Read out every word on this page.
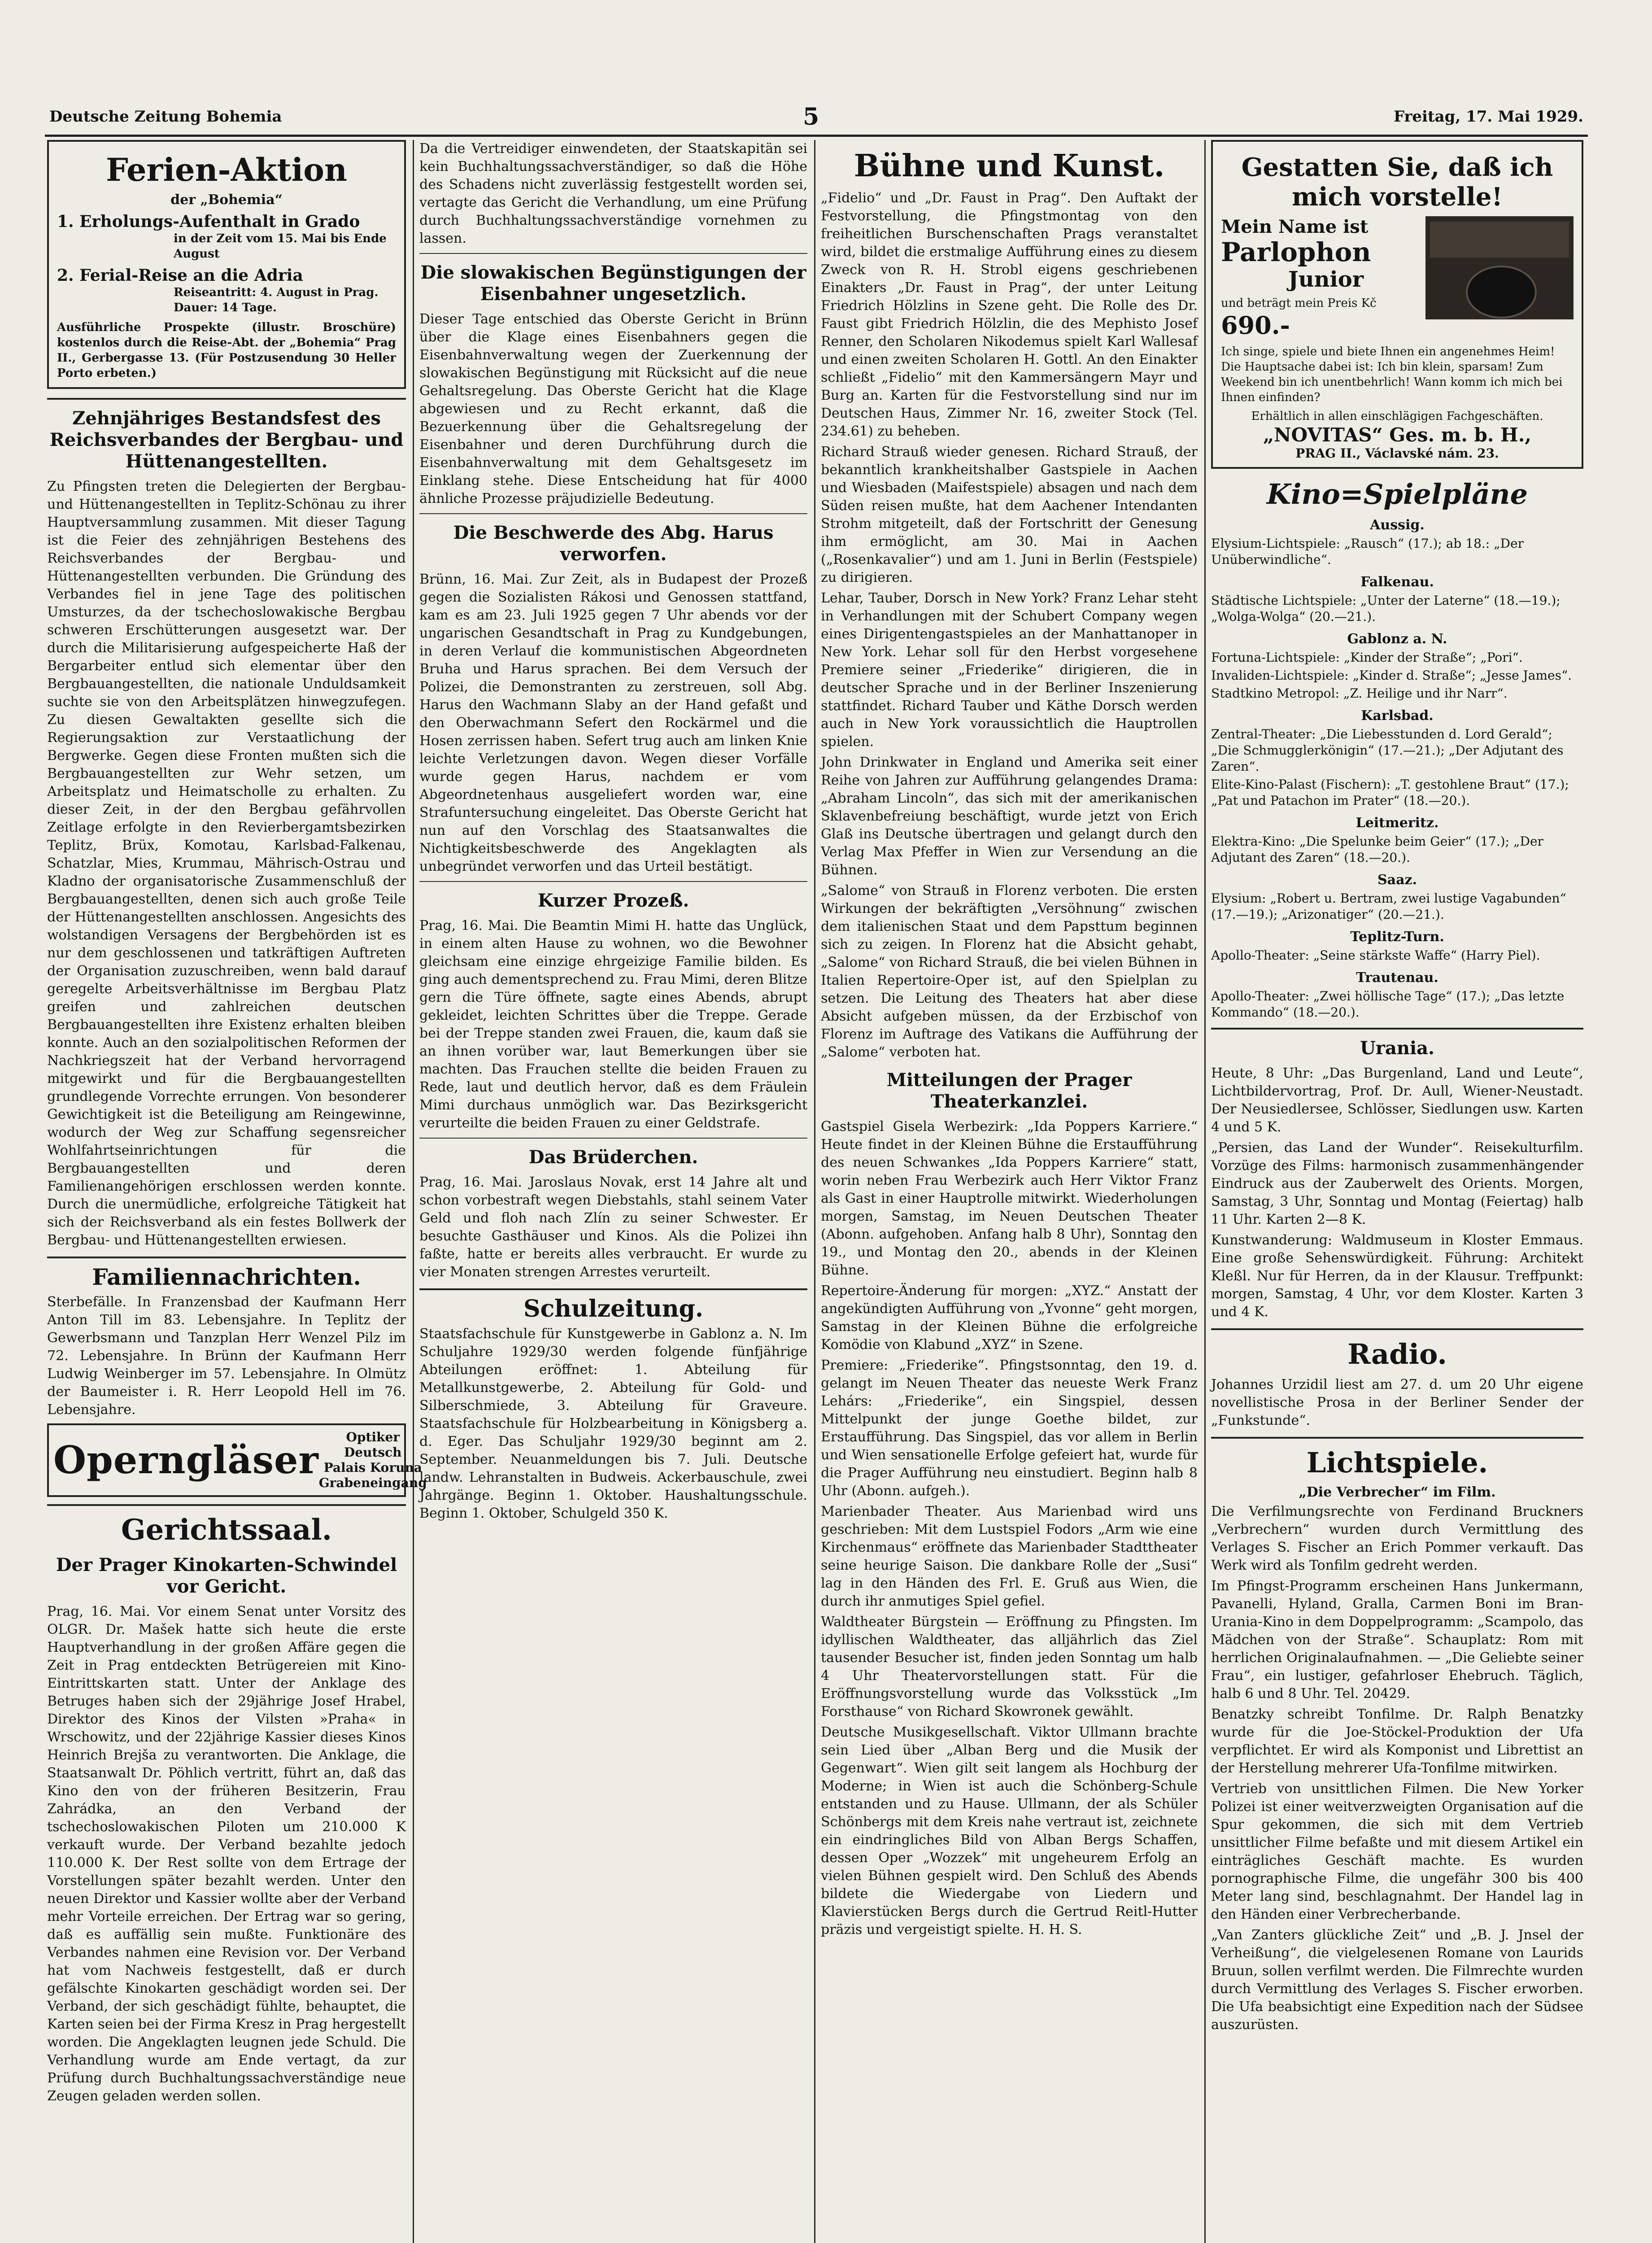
Deutsche Zeitung Bohemia	5	Freitag, 17. Mai 1929.
Ferien-Aktion
der „Bohemia“
1. Erholungs-Aufenthalt in Grado
in der Zeit vom 15. Mai bis Ende August
2. Ferial-Reise an die Adria
Reiseantritt: 4. August in Prag. Dauer: 14 Tage.
Ausführliche Prospekte (illustr. Broschüre) kostenlos durch die Reise-Abt. der „Bohemia“ Prag II., Gerbergasse 13. (Für Postzusendung 30 Heller Porto erbeten.)
Zehnjähriges Bestandsfest des Reichsverbandes der Bergbau- und Hüttenangestellten.

Zu Pfingsten treten die Delegierten der Bergbau- und Hüttenangestellten in Teplitz-Schönau zu ihrer Hauptversammlung zusammen. Mit dieser Tagung ist die Feier des zehnjährigen Bestehens des Reichsverbandes der Bergbau- und Hüttenangestellten verbunden. Die Gründung des Verbandes fiel in jene Tage des politischen Umsturzes, da der tschechoslowakische Bergbau schweren Erschütterungen ausgesetzt war. Der durch die Militarisierung aufgespeicherte Haß der Bergarbeiter entlud sich elementar über den Bergbauangestellten, die nationale Unduldsamkeit suchte sie von den Arbeitsplätzen hinwegzufegen. Zu diesen Gewaltakten gesellte sich die Regierungsaktion zur Verstaatlichung der Bergwerke. Gegen diese Fronten mußten sich die Bergbauangestellten zur Wehr setzen, um Arbeitsplatz und Heimatscholle zu erhalten. Zu dieser Zeit, in der den Bergbau gefährvollen Zeitlage erfolgte in den Revierbergamtsbezirken Teplitz, Brüx, Komotau, Karlsbad-Falkenau, Schatzlar, Mies, Krummau, Mährisch-Ostrau und Kladno der organisatorische Zusammenschluß der Bergbauangestellten, denen sich auch große Teile der Hüttenangestellten anschlossen. Angesichts des wolstandigen Versagens der Bergbehörden ist es nur dem geschlossenen und tatkräftigen Auftreten der Organisation zuzuschreiben, wenn bald darauf geregelte Arbeitsverhältnisse im Bergbau Platz greifen und zahlreichen deutschen Bergbauangestellten ihre Existenz erhalten bleiben konnte. Auch an den sozialpolitischen Reformen der Nachkriegszeit hat der Verband hervorragend mitgewirkt und für die Bergbauangestellten grundlegende Vorrechte errungen. Von besonderer Gewichtigkeit ist die Beteiligung am Reingewinne, wodurch der Weg zur Schaffung segensreicher Wohlfahrtseinrichtungen für die Bergbauangestellten und deren Familienangehörigen erschlossen werden konnte. Durch die unermüdliche, erfolgreiche Tätigkeit hat sich der Reichsverband als ein festes Bollwerk der Bergbau- und Hüttenangestellten erwiesen.

Familiennachrichten.

Sterbefälle. In Franzensbad der Kaufmann Herr Anton Till im 83. Lebensjahre. In Teplitz der Gewerbsmann und Tanzplan Herr Wenzel Pilz im 72. Lebensjahre. In Brünn der Kaufmann Herr Ludwig Weinberger im 57. Lebensjahre. In Olmütz der Baumeister i. R. Herr Leopold Hell im 76. Lebensjahre.

Operngläser
Optiker Deutsch
Palais Koruna
Grabeneingang
Gerichtssaal.
Der Prager Kinokarten-Schwindel vor Gericht.

Prag, 16. Mai. Vor einem Senat unter Vorsitz des OLGR. Dr. Mašek hatte sich heute die erste Hauptverhandlung in der großen Affäre gegen die Zeit in Prag entdeckten Betrügereien mit Kino-Eintrittskarten statt. Unter der Anklage des Betruges haben sich der 29jährige Josef Hrabel, Direktor des Kinos der Vilsten »Praha« in Wrschowitz, und der 22jährige Kassier dieses Kinos Heinrich Brejša zu verantworten. Die Anklage, die Staatsanwalt Dr. Pöhlich vertritt, führt an, daß das Kino den von der früheren Besitzerin, Frau Zahrádka, an den Verband der tschechoslowakischen Piloten um 210.000 K verkauft wurde. Der Verband bezahlte jedoch 110.000 K. Der Rest sollte von dem Ertrage der Vorstellungen später bezahlt werden. Unter den neuen Direktor und Kassier wollte aber der Verband mehr Vorteile erreichen. Der Ertrag war so gering, daß es auffällig sein mußte. Funktionäre des Verbandes nahmen eine Revision vor. Der Verband hat vom Nachweis festgestellt, daß er durch gefälschte Kinokarten geschädigt worden sei. Der Verband, der sich geschädigt fühlte, behauptet, die Karten seien bei der Firma Kresz in Prag hergestellt worden. Die Angeklagten leugnen jede Schuld. Die Verhandlung wurde am Ende vertagt, da zur Prüfung durch Buchhaltungssachverständige neue Zeugen geladen werden sollen.

Da die Vertreidiger einwendeten, der Staatskapitän sei kein Buchhaltungssachverständiger, so daß die Höhe des Schadens nicht zuverlässig festgestellt worden sei, vertagte das Gericht die Verhandlung, um eine Prüfung durch Buchhaltungssachverständige vornehmen zu lassen.

Die slowakischen Begünstigungen der Eisenbahner ungesetzlich.

Dieser Tage entschied das Oberste Gericht in Brünn über die Klage eines Eisenbahners gegen die Eisenbahnverwaltung wegen der Zuerkennung der slowakischen Begünstigung mit Rücksicht auf die neue Gehaltsregelung. Das Oberste Gericht hat die Klage abgewiesen und zu Recht erkannt, daß die Bezuerkennung über die Gehaltsregelung der Eisenbahner und deren Durchführung durch die Eisenbahnverwaltung mit dem Gehaltsgesetz im Einklang stehe. Diese Entscheidung hat für 4000 ähnliche Prozesse präjudizielle Bedeutung.

Die Beschwerde des Abg. Harus verworfen.

Brünn, 16. Mai. Zur Zeit, als in Budapest der Prozeß gegen die Sozialisten Rákosi und Genossen stattfand, kam es am 23. Juli 1925 gegen 7 Uhr abends vor der ungarischen Gesandtschaft in Prag zu Kundgebungen, in deren Verlauf die kommunistischen Abgeordneten Bruha und Harus sprachen. Bei dem Versuch der Polizei, die Demonstranten zu zerstreuen, soll Abg. Harus den Wachmann Slaby an der Hand gefaßt und den Oberwachmann Sefert den Rockärmel und die Hosen zerrissen haben. Sefert trug auch am linken Knie leichte Verletzungen davon. Wegen dieser Vorfälle wurde gegen Harus, nachdem er vom Abgeordnetenhaus ausgeliefert worden war, eine Strafuntersuchung eingeleitet. Das Oberste Gericht hat nun auf den Vorschlag des Staatsanwaltes die Nichtigkeitsbeschwerde des Angeklagten als unbegründet verworfen und das Urteil bestätigt.

Kurzer Prozeß.

Prag, 16. Mai. Die Beamtin Mimi H. hatte das Unglück, in einem alten Hause zu wohnen, wo die Bewohner gleichsam eine einzige ehrgeizige Familie bilden. Es ging auch dementsprechend zu. Frau Mimi, deren Blitze gern die Türe öffnete, sagte eines Abends, abrupt gekleidet, leichten Schrittes über die Treppe. Gerade bei der Treppe standen zwei Frauen, die, kaum daß sie an ihnen vorüber war, laut Bemerkungen über sie machten. Das Frauchen stellte die beiden Frauen zu Rede, laut und deutlich hervor, daß es dem Fräulein Mimi durchaus unmöglich war. Das Bezirksgericht verurteilte die beiden Frauen zu einer Geldstrafe.

Das Brüderchen.

Prag, 16. Mai. Jaroslaus Novak, erst 14 Jahre alt und schon vorbestraft wegen Diebstahls, stahl seinem Vater Geld und floh nach Zlín zu seiner Schwester. Er besuchte Gasthäuser und Kinos. Als die Polizei ihn faßte, hatte er bereits alles verbraucht. Er wurde zu vier Monaten strengen Arrestes verurteilt.

Schulzeitung.

Staatsfachschule für Kunstgewerbe in Gablonz a. N. Im Schuljahre 1929/30 werden folgende fünfjährige Abteilungen eröffnet: 1. Abteilung für Metallkunstgewerbe, 2. Abteilung für Gold- und Silberschmiede, 3. Abteilung für Graveure. Staatsfachschule für Holzbearbeitung in Königsberg a. d. Eger. Das Schuljahr 1929/30 beginnt am 2. September. Neuanmeldungen bis 7. Juli. Deutsche landw. Lehranstalten in Budweis. Ackerbauschule, zwei Jahrgänge. Beginn 1. Oktober. Haushaltungsschule. Beginn 1. Oktober, Schulgeld 350 K.

Bühne und Kunst.

„Fidelio“ und „Dr. Faust in Prag“. Den Auftakt der Festvorstellung, die Pfingstmontag von den freiheitlichen Burschenschaften Prags veranstaltet wird, bildet die erstmalige Aufführung eines zu diesem Zweck von R. H. Strobl eigens geschriebenen Einakters „Dr. Faust in Prag“, der unter Leitung Friedrich Hölzlins in Szene geht. Die Rolle des Dr. Faust gibt Friedrich Hölzlin, die des Mephisto Josef Renner, den Scholaren Nikodemus spielt Karl Wallesaf und einen zweiten Scholaren H. Gottl. An den Einakter schließt „Fidelio“ mit den Kammersängern Mayr und Burg an. Karten für die Festvorstellung sind nur im Deutschen Haus, Zimmer Nr. 16, zweiter Stock (Tel. 234.61) zu beheben.

Richard Strauß wieder genesen. Richard Strauß, der bekanntlich krankheitshalber Gastspiele in Aachen und Wiesbaden (Maifestspiele) absagen und nach dem Süden reisen mußte, hat dem Aachener Intendanten Strohm mitgeteilt, daß der Fortschritt der Genesung ihm ermöglicht, am 30. Mai in Aachen („Rosenkavalier“) und am 1. Juni in Berlin (Festspiele) zu dirigieren.

Lehar, Tauber, Dorsch in New York? Franz Lehar steht in Verhandlungen mit der Schubert Company wegen eines Dirigentengastspieles an der Manhattanoper in New York. Lehar soll für den Herbst vorgesehene Premiere seiner „Friederike“ dirigieren, die in deutscher Sprache und in der Berliner Inszenierung stattfindet. Richard Tauber und Käthe Dorsch werden auch in New York voraussichtlich die Hauptrollen spielen.

John Drinkwater in England und Amerika seit einer Reihe von Jahren zur Aufführung gelangendes Drama: „Abraham Lincoln“, das sich mit der amerikanischen Sklavenbefreiung beschäftigt, wurde jetzt von Erich Glaß ins Deutsche übertragen und gelangt durch den Verlag Max Pfeffer in Wien zur Versendung an die Bühnen.

„Salome“ von Strauß in Florenz verboten. Die ersten Wirkungen der bekräftigten „Versöhnung“ zwischen dem italienischen Staat und dem Papsttum beginnen sich zu zeigen. In Florenz hat die Absicht gehabt, „Salome“ von Richard Strauß, die bei vielen Bühnen in Italien Repertoire-Oper ist, auf den Spielplan zu setzen. Die Leitung des Theaters hat aber diese Absicht aufgeben müssen, da der Erzbischof von Florenz im Auftrage des Vatikans die Aufführung der „Salome“ verboten hat.

Mitteilungen der Prager Theaterkanzlei.

Gastspiel Gisela Werbezirk: „Ida Poppers Karriere.“ Heute findet in der Kleinen Bühne die Erstaufführung des neuen Schwankes „Ida Poppers Karriere“ statt, worin neben Frau Werbezirk auch Herr Viktor Franz als Gast in einer Hauptrolle mitwirkt. Wiederholungen morgen, Samstag, im Neuen Deutschen Theater (Abonn. aufgehoben. Anfang halb 8 Uhr), Sonntag den 19., und Montag den 20., abends in der Kleinen Bühne.

Repertoire-Änderung für morgen: „XYZ.“ Anstatt der angekündigten Aufführung von „Yvonne“ geht morgen, Samstag in der Kleinen Bühne die erfolgreiche Komödie von Klabund „XYZ“ in Szene.

Premiere: „Friederike“. Pfingstsonntag, den 19. d. gelangt im Neuen Theater das neueste Werk Franz Lehárs: „Friederike“, ein Singspiel, dessen Mittelpunkt der junge Goethe bildet, zur Erstaufführung. Das Singspiel, das vor allem in Berlin und Wien sensationelle Erfolge gefeiert hat, wurde für die Prager Aufführung neu einstudiert. Beginn halb 8 Uhr (Abonn. aufgeh.).

Marienbader Theater. Aus Marienbad wird uns geschrieben: Mit dem Lustspiel Fodors „Arm wie eine Kirchenmaus“ eröffnete das Marienbader Stadttheater seine heurige Saison. Die dankbare Rolle der „Susi“ lag in den Händen des Frl. E. Gruß aus Wien, die durch ihr anmutiges Spiel gefiel.

Waldtheater Bürgstein — Eröffnung zu Pfingsten. Im idyllischen Waldtheater, das alljährlich das Ziel tausender Besucher ist, finden jeden Sonntag um halb 4 Uhr Theatervorstellungen statt. Für die Eröffnungsvorstellung wurde das Volksstück „Im Forsthause“ von Richard Skowronek gewählt.

Deutsche Musikgesellschaft. Viktor Ullmann brachte sein Lied über „Alban Berg und die Musik der Gegenwart“. Wien gilt seit langem als Hochburg der Moderne; in Wien ist auch die Schönberg-Schule entstanden und zu Hause. Ullmann, der als Schüler Schönbergs mit dem Kreis nahe vertraut ist, zeichnete ein eindringliches Bild von Alban Bergs Schaffen, dessen Oper „Wozzek“ mit ungeheurem Erfolg an vielen Bühnen gespielt wird. Den Schluß des Abends bildete die Wiedergabe von Liedern und Klavierstücken Bergs durch die Gertrud Reitl-Hutter präzis und vergeistigt spielte. H. H. S.

Gestatten Sie, daß ich mich vorstelle!
Mein Name ist
Parlophon
Junior
und beträgt mein Preis Kč
690.-
Ich singe, spiele und biete Ihnen ein angenehmes Heim! Die Hauptsache dabei ist: Ich bin klein, sparsam! Zum Weekend bin ich unentbehrlich! Wann komm ich mich bei Ihnen einfinden?
Erhältlich in allen einschlägigen Fachgeschäften.
„NOVITAS“ Ges. m. b. H.,
PRAG II., Václavské nám. 23.
Kino=Spielpläne
Aussig.
Elysium-Lichtspiele: „Rausch“ (17.); ab 18.: „Der Unüberwindliche“.
Falkenau.
Städtische Lichtspiele: „Unter der Laterne“ (18.—19.); „Wolga-Wolga“ (20.—21.).
Gablonz a. N.
Fortuna-Lichtspiele: „Kinder der Straße“; „Pori“.
Invaliden-Lichtspiele: „Kinder d. Straße“; „Jesse James“.
Stadtkino Metropol: „Z. Heilige und ihr Narr“.
Karlsbad.
Zentral-Theater: „Die Liebesstunden d. Lord Gerald“; „Die Schmugglerkönigin“ (17.—21.); „Der Adjutant des Zaren“.
Elite-Kino-Palast (Fischern): „T. gestohlene Braut“ (17.); „Pat und Patachon im Prater“ (18.—20.).
Leitmeritz.
Elektra-Kino: „Die Spelunke beim Geier“ (17.); „Der Adjutant des Zaren“ (18.—20.).
Saaz.
Elysium: „Robert u. Bertram, zwei lustige Vagabunden“ (17.—19.); „Arizonatiger“ (20.—21.).
Teplitz-Turn.
Apollo-Theater: „Seine stärkste Waffe“ (Harry Piel).
Trautenau.
Apollo-Theater: „Zwei höllische Tage“ (17.); „Das letzte Kommando“ (18.—20.).
Urania.

Heute, 8 Uhr: „Das Burgenland, Land und Leute“, Lichtbildervortrag, Prof. Dr. Aull, Wiener-Neustadt. Der Neusiedlersee, Schlösser, Siedlungen usw. Karten 4 und 5 K.

„Persien, das Land der Wunder“. Reisekulturfilm. Vorzüge des Films: harmonisch zusammenhängender Eindruck aus der Zauberwelt des Orients. Morgen, Samstag, 3 Uhr, Sonntag und Montag (Feiertag) halb 11 Uhr. Karten 2—8 K.

Kunstwanderung: Waldmuseum in Kloster Emmaus. Eine große Sehenswürdigkeit. Führung: Architekt Kleßl. Nur für Herren, da in der Klausur. Treffpunkt: morgen, Samstag, 4 Uhr, vor dem Kloster. Karten 3 und 4 K.

Radio.

Johannes Urzidil liest am 27. d. um 20 Uhr eigene novellistische Prosa in der Berliner Sender der „Funkstunde“.

Lichtspiele.
„Die Verbrecher“ im Film.

Die Verfilmungsrechte von Ferdinand Bruckners „Verbrechern“ wurden durch Vermittlung des Verlages S. Fischer an Erich Pommer verkauft. Das Werk wird als Tonfilm gedreht werden.

Im Pfingst-Programm erscheinen Hans Junkermann, Pavanelli, Hyland, Gralla, Carmen Boni im Bran-Urania-Kino in dem Doppelprogramm: „Scampolo, das Mädchen von der Straße“. Schauplatz: Rom mit herrlichen Originalaufnahmen. — „Die Geliebte seiner Frau“, ein lustiger, gefahrloser Ehebruch. Täglich, halb 6 und 8 Uhr. Tel. 20429.

Benatzky schreibt Tonfilme. Dr. Ralph Benatzky wurde für die Joe-Stöckel-Produktion der Ufa verpflichtet. Er wird als Komponist und Librettist an der Herstellung mehrerer Ufa-Tonfilme mitwirken.

Vertrieb von unsittlichen Filmen. Die New Yorker Polizei ist einer weitverzweigten Organisation auf die Spur gekommen, die sich mit dem Vertrieb unsittlicher Filme befaßte und mit diesem Artikel ein einträgliches Geschäft machte. Es wurden pornographische Filme, die ungefähr 300 bis 400 Meter lang sind, beschlagnahmt. Der Handel lag in den Händen einer Verbrecherbande.

„Van Zanters glückliche Zeit“ und „B. J. Jnsel der Verheißung“, die vielgelesenen Romane von Laurids Bruun, sollen verfilmt werden. Die Filmrechte wurden durch Vermittlung des Verlages S. Fischer erworben. Die Ufa beabsichtigt eine Expedition nach der Südsee auszurüsten.
